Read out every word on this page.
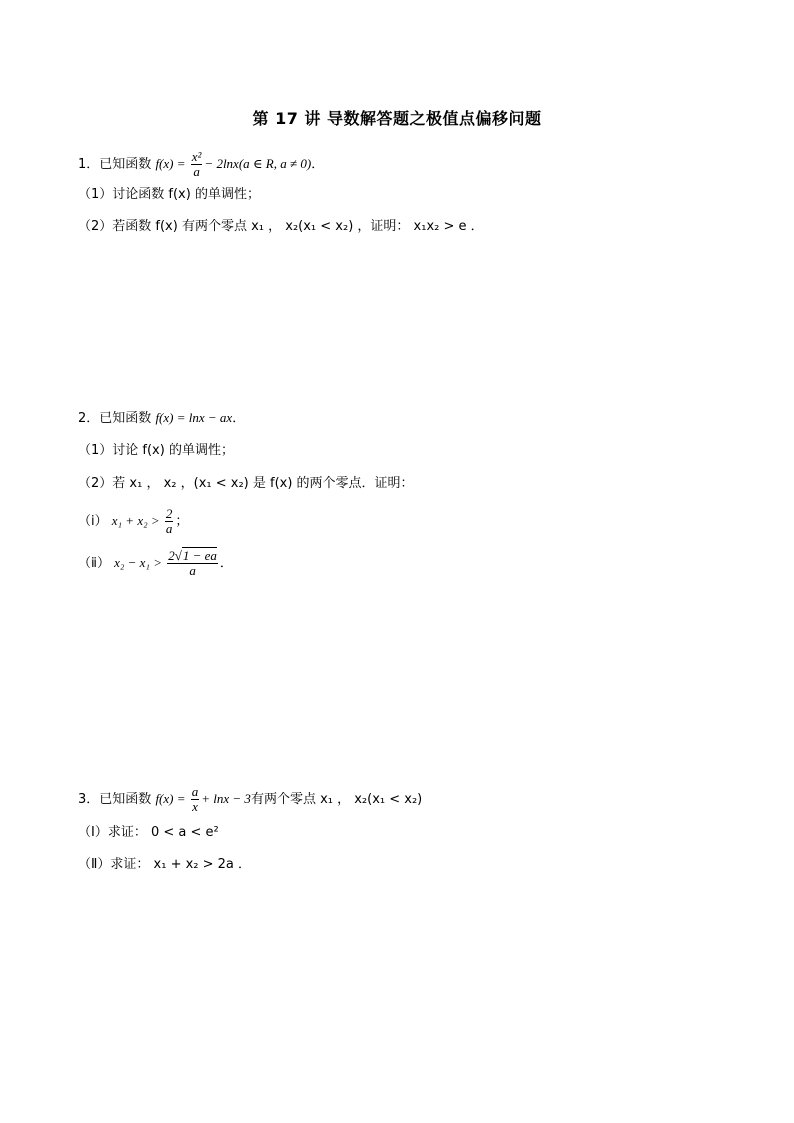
第 17 讲 导数解答题之极值点偏移问题
1．已知函数 $f(x) = \frac{\text{x²}}{a} - 2\ln x(a$ ∈ R, a ≠ 0)．
（1）讨论函数 f(x) 的单调性；
（2）若函数 f(x) 有两个零点 x₁ ， x₂(x₁ < x₂) ，证明： x₁x₂ > e ．
2．已知函数 f(x) = lnx − ax．
（1）讨论 f(x) 的单调性；
（2）若 x₁ ， x₂ ，(x₁ < x₂) 是 f(x) 的两个零点．证明：
（ⅰ） $x_1 + x_2 > \frac{2}{a}$ ；
（ⅱ） $x_2 - x_1 > \frac{2√1 - ea}{a}$ ．
3．已知函数 $f(x) = \frac{a}{x} + \ln x - 3$有两个零点 x₁ ， x₂(x₁ < x₂)
（Ⅰ）求证： 0 < a < e²
（Ⅱ）求证： x₁ + x₂ > 2a ．
